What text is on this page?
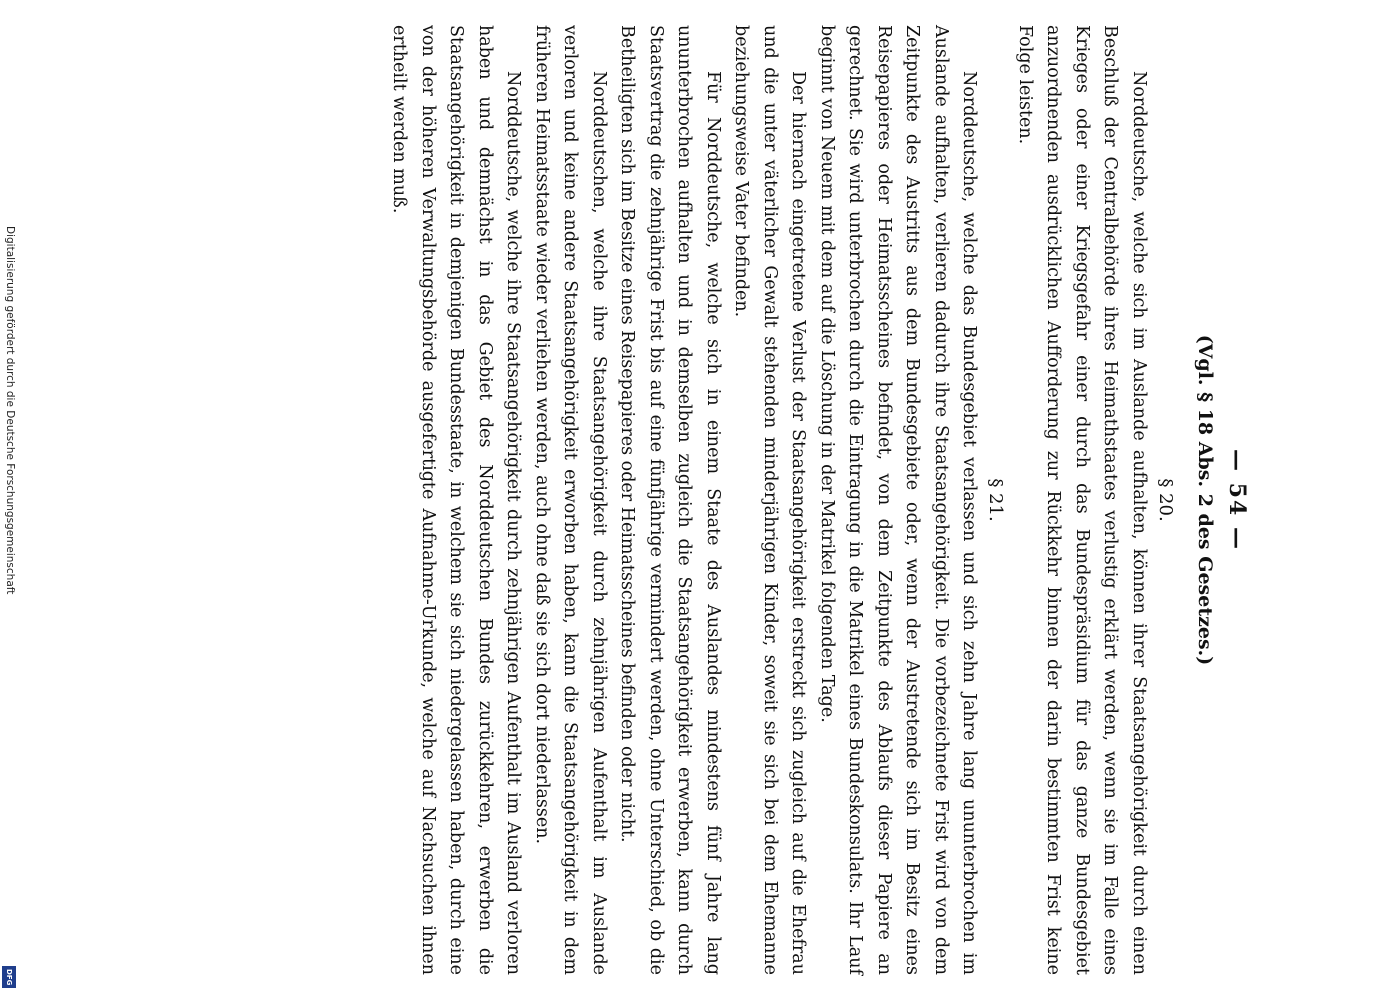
— 54 —
(Vgl. § 18 Abs. 2 des Gesetzes.)
§ 20.

Norddeutsche, welche sich im Auslande aufhalten, können ihrer Staatsangehörigkeit durch einen Beschluß der Centralbehörde ihres Heimathstaates verlustig erklärt werden, wenn sie im Falle eines Krieges oder einer Kriegsgefahr einer durch das Bundespräsidium für das ganze Bundesgebiet anzuordnenden ausdrücklichen Aufforderung zur Rückkehr binnen der darin bestimmten Frist keine Folge leisten.

§ 21.

Norddeutsche, welche das Bundesgebiet verlassen und sich zehn Jahre lang ununterbrochen im Auslande aufhalten, verlieren dadurch ihre Staatsangehörigkeit. Die vorbezeichnete Frist wird von dem Zeitpunkte des Austritts aus dem Bundesgebiete oder, wenn der Austretende sich im Besitz eines Reisepapieres oder Heimatsscheines befindet, von dem Zeitpunkte des Ablaufs dieser Papiere an gerechnet. Sie wird unterbrochen durch die Eintragung in die Matrikel eines Bundeskonsulats. Ihr Lauf beginnt von Neuem mit dem auf die Löschung in der Matrikel folgenden Tage.

Der hiernach eingetretene Verlust der Staatsangehörigkeit erstreckt sich zugleich auf die Ehefrau und die unter väterlicher Gewalt stehenden minderjährigen Kinder, soweit sie sich bei dem Ehemanne beziehungsweise Vater befinden.

Für Norddeutsche, welche sich in einem Staate des Auslandes mindestens fünf Jahre lang ununterbrochen aufhalten und in demselben zugleich die Staatsangehörigkeit erwerben, kann durch Staatsvertrag die zehnjährige Frist bis auf eine fünfjährige vermindert werden, ohne Unterschied, ob die Betheiligten sich im Besitze eines Reisepapieres oder Heimatsscheines befinden oder nicht.

Norddeutschen, welche ihre Staatsangehörigkeit durch zehnjährigen Aufenthalt im Auslande verloren und keine andere Staatsangehörigkeit erworben haben, kann die Staatsangehörigkeit in dem früheren Heimatsstaate wieder verliehen werden, auch ohne daß sie sich dort niederlassen.

Norddeutsche, welche ihre Staatsangehörigkeit durch zehnjährigen Aufenthalt im Ausland verloren haben und demnächst in das Gebiet des Norddeutschen Bundes zurückkehren, erwerben die Staatsangehörigkeit in demjenigen Bundesstaate, in welchem sie sich niedergelassen haben, durch eine von der höheren Verwaltungsbehörde ausgefertigte Aufnahme-Urkunde, welche auf Nachsuchen ihnen ertheilt werden muß.

Digitalisierung gefördert durch die Deutsche Forschungsgemeinschaft
DFG
